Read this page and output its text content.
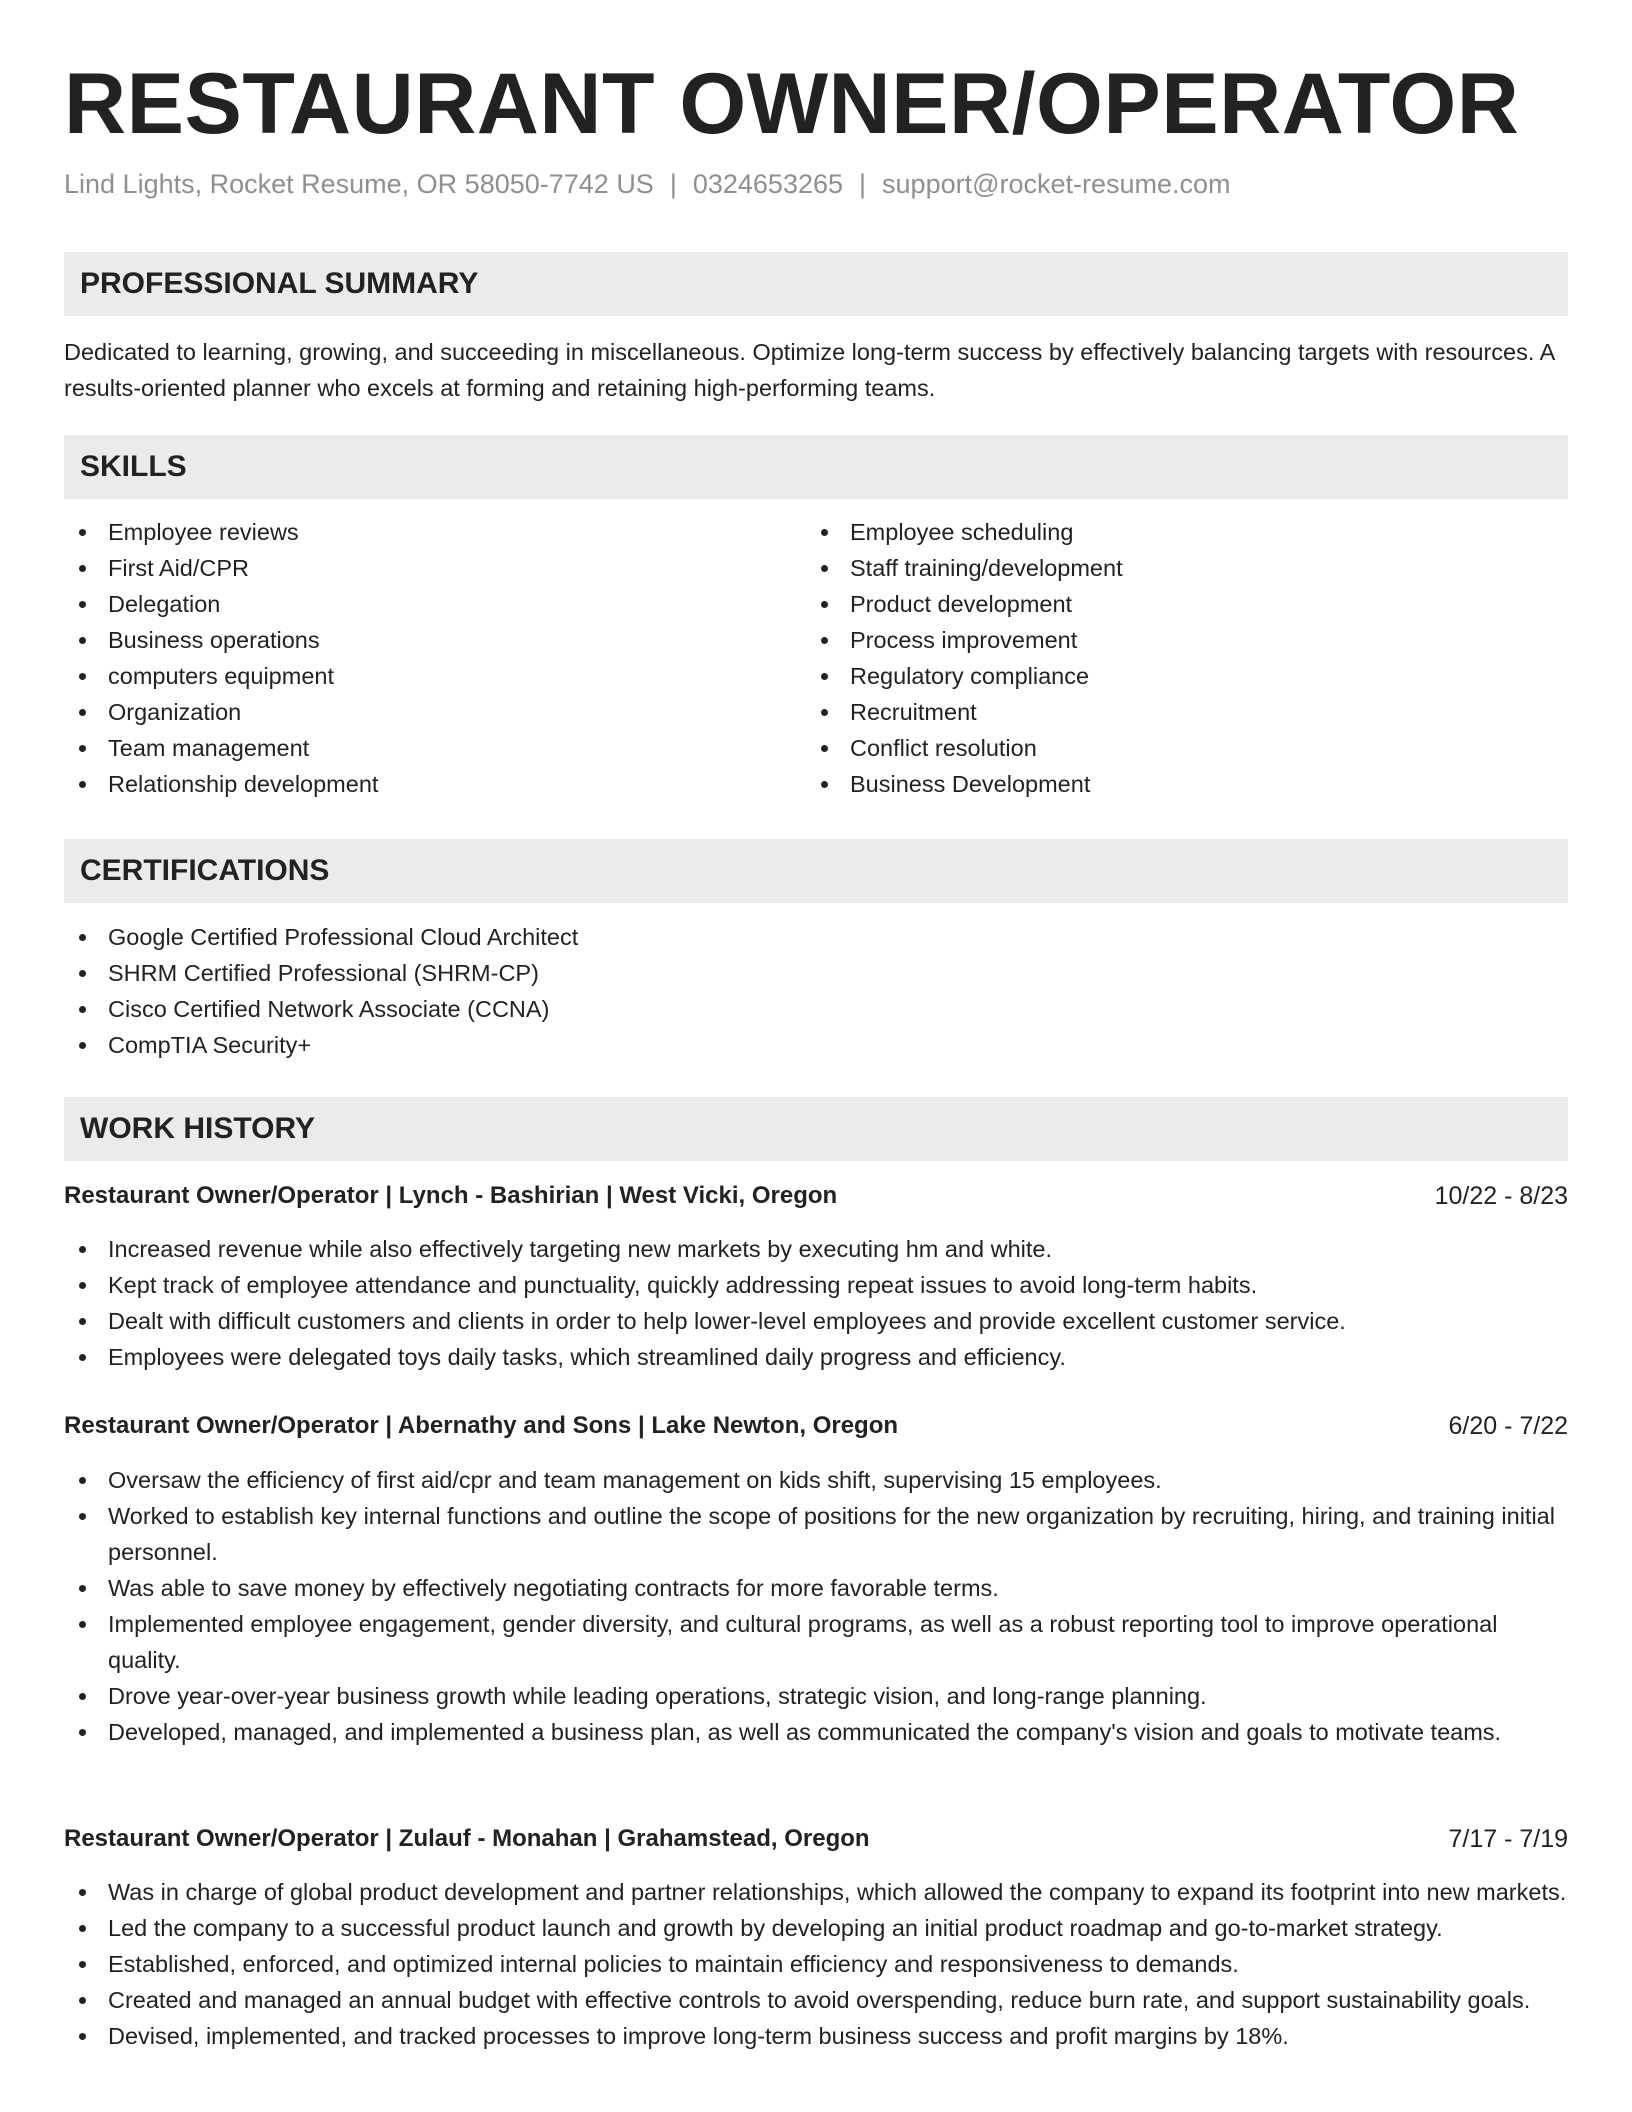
RESTAURANT OWNER/OPERATOR
Lind Lights, Rocket Resume, OR 58050-7742 US | 0324653265 | support@rocket-resume.com
PROFESSIONAL SUMMARY

Dedicated to learning, growing, and succeeding in miscellaneous. Optimize long-term success by effectively balancing targets with resources. A results-oriented planner who excels at forming and retaining high-performing teams.

SKILLS
Employee reviews
First Aid/CPR
Delegation
Business operations
computers equipment
Organization
Team management
Relationship development
Employee scheduling
Staff training/development
Product development
Process improvement
Regulatory compliance
Recruitment
Conflict resolution
Business Development
CERTIFICATIONS
Google Certified Professional Cloud Architect
SHRM Certified Professional (SHRM-CP)
Cisco Certified Network Associate (CCNA)
CompTIA Security+
WORK HISTORY
Restaurant Owner/Operator | Lynch - Bashirian | West Vicki, Oregon	10/22 - 8/23
Increased revenue while also effectively targeting new markets by executing hm and white.
Kept track of employee attendance and punctuality, quickly addressing repeat issues to avoid long-term habits.
Dealt with difficult customers and clients in order to help lower-level employees and provide excellent customer service.
Employees were delegated toys daily tasks, which streamlined daily progress and efficiency.
Restaurant Owner/Operator | Abernathy and Sons | Lake Newton, Oregon	6/20 - 7/22
Oversaw the efficiency of first aid/cpr and team management on kids shift, supervising 15 employees.
Worked to establish key internal functions and outline the scope of positions for the new organization by recruiting, hiring, and training initial personnel.
Was able to save money by effectively negotiating contracts for more favorable terms.
Implemented employee engagement, gender diversity, and cultural programs, as well as a robust reporting tool to improve operational quality.
Drove year-over-year business growth while leading operations, strategic vision, and long-range planning.
Developed, managed, and implemented a business plan, as well as communicated the company's vision and goals to motivate teams.
Restaurant Owner/Operator | Zulauf - Monahan | Grahamstead, Oregon	7/17 - 7/19
Was in charge of global product development and partner relationships, which allowed the company to expand its footprint into new markets.
Led the company to a successful product launch and growth by developing an initial product roadmap and go-to-market strategy.
Established, enforced, and optimized internal policies to maintain efficiency and responsiveness to demands.
Created and managed an annual budget with effective controls to avoid overspending, reduce burn rate, and support sustainability goals.
Devised, implemented, and tracked processes to improve long-term business success and profit margins by 18%.
